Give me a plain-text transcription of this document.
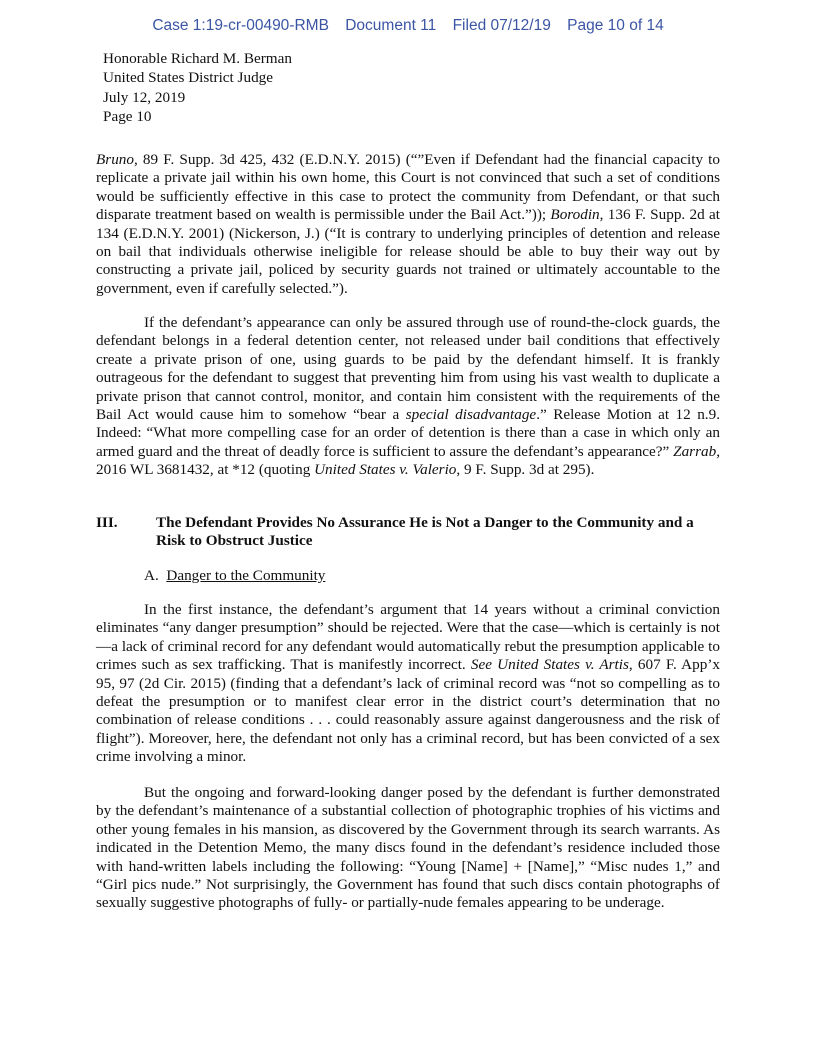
Case 1:19-cr-00490-RMB Document 11 Filed 07/12/19 Page 10 of 14
Honorable Richard M. Berman
United States District Judge
July 12, 2019
Page 10

Bruno, 89 F. Supp. 3d 425, 432 (E.D.N.Y. 2015) (“”Even if Defendant had the financial capacity to replicate a private jail within his own home, this Court is not convinced that such a set of conditions would be sufficiently effective in this case to protect the community from Defendant, or that such disparate treatment based on wealth is permissible under the Bail Act.”)); Borodin, 136 F. Supp. 2d at 134 (E.D.N.Y. 2001) (Nickerson, J.) (“It is contrary to underlying principles of detention and release on bail that individuals otherwise ineligible for release should be able to buy their way out by constructing a private jail, policed by security guards not trained or ultimately accountable to the government, even if carefully selected.”).

If the defendant’s appearance can only be assured through use of round-the-clock guards, the defendant belongs in a federal detention center, not released under bail conditions that effectively create a private prison of one, using guards to be paid by the defendant himself. It is frankly outrageous for the defendant to suggest that preventing him from using his vast wealth to duplicate a private prison that cannot control, monitor, and contain him consistent with the requirements of the Bail Act would cause him to somehow “bear a special disadvantage.” Release Motion at 12 n.9. Indeed: “What more compelling case for an order of detention is there than a case in which only an armed guard and the threat of deadly force is sufficient to assure the defendant’s appearance?” Zarrab, 2016 WL 3681432, at *12 (quoting United States v. Valerio, 9 F. Supp. 3d at 295).

III.	The Defendant Provides No Assurance He is Not a Danger to the Community and a Risk to Obstruct Justice
A. Danger to the Community

In the first instance, the defendant’s argument that 14 years without a criminal conviction eliminates “any danger presumption” should be rejected. Were that the case—which is certainly is not—a lack of criminal record for any defendant would automatically rebut the presumption applicable to crimes such as sex trafficking. That is manifestly incorrect. See United States v. Artis, 607 F. App’x 95, 97 (2d Cir. 2015) (finding that a defendant’s lack of criminal record was “not so compelling as to defeat the presumption or to manifest clear error in the district court’s determination that no combination of release conditions . . . could reasonably assure against dangerousness and the risk of flight”). Moreover, here, the defendant not only has a criminal record, but has been convicted of a sex crime involving a minor.

But the ongoing and forward-looking danger posed by the defendant is further demonstrated by the defendant’s maintenance of a substantial collection of photographic trophies of his victims and other young females in his mansion, as discovered by the Government through its search warrants. As indicated in the Detention Memo, the many discs found in the defendant’s residence included those with hand-written labels including the following: “Young [Name] + [Name],” “Misc nudes 1,” and “Girl pics nude.” Not surprisingly, the Government has found that such discs contain photographs of sexually suggestive photographs of fully- or partially-nude females appearing to be underage.
